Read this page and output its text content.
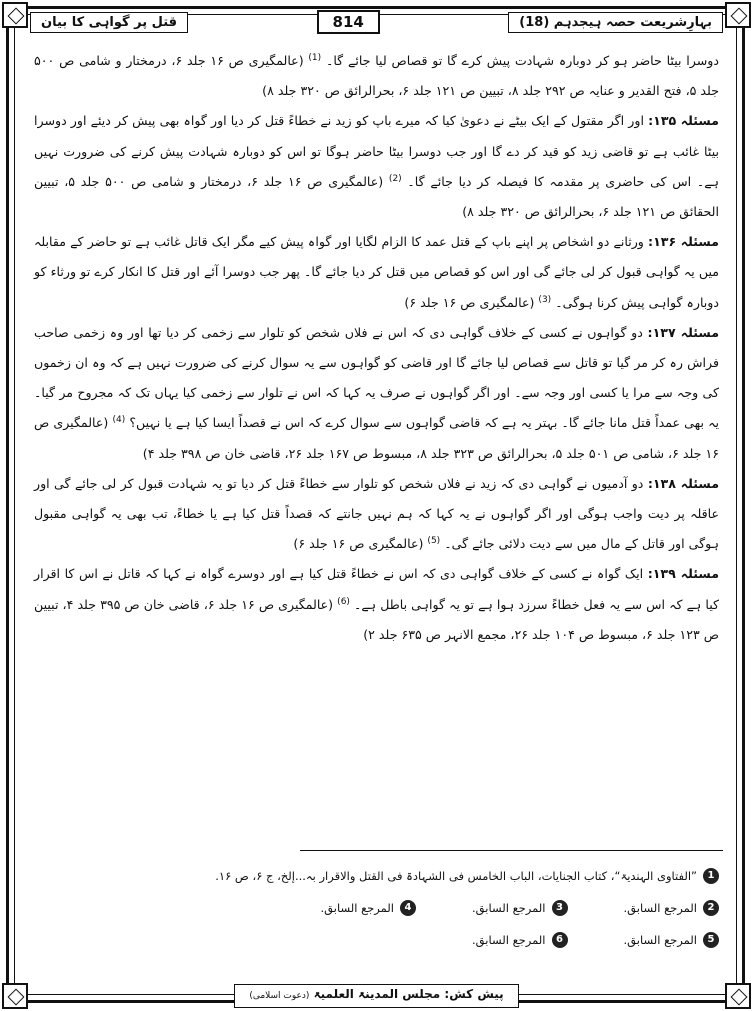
بہارِشریعت حصہ ہیجدہم (18)
814
قتل پر گواہی کا بیان

دوسرا بیٹا حاضر ہو کر دوبارہ شہادت پیش کرے گا تو قصاص لیا جائے گا۔ $^{(1)}$ (عالمگیری ص ۱۶ جلد ۶، درمختار و شامی ص ۵۰۰ جلد ۵، فتح القدیر و عنایہ ص ۲۹۲ جلد ۸، تبیین ص ۱۲۱ جلد ۶، بحرالرائق ص ۳۲۰ جلد ۸)

مسئلہ ۱۳۵: اور اگر مقتول کے ایک بیٹے نے دعویٰ کیا کہ میرے باپ کو زید نے خطاءً قتل کر دیا اور گواہ بھی پیش کر دیئے اور دوسرا بیٹا غائب ہے تو قاضی زید کو قید کر دے گا اور جب دوسرا بیٹا حاضر ہوگا تو اس کو دوبارہ شہادت پیش کرنے کی ضرورت نہیں ہے۔ اس کی حاضری پر مقدمہ کا فیصلہ کر دیا جائے گا۔ $^{(2)}$ (عالمگیری ص ۱۶ جلد ۶، درمختار و شامی ص ۵۰۰ جلد ۵، تبیین الحقائق ص ۱۲۱ جلد ۶، بحرالرائق ص ۳۲۰ جلد ۸)

مسئلہ ۱۳۶: ورثانے دو اشخاص پر اپنے باپ کے قتل عمد کا الزام لگایا اور گواہ پیش کیے مگر ایک قاتل غائب ہے تو حاضر کے مقابلہ میں یہ گواہی قبول کر لی جائے گی اور اس کو قصاص میں قتل کر دیا جائے گا۔ پھر جب دوسرا آئے اور قتل کا انکار کرے تو ورثاء کو دوبارہ گواہی پیش کرنا ہوگی۔ $^{(3)}$ (عالمگیری ص ۱۶ جلد ۶)

مسئلہ ۱۳۷: دو گواہوں نے کسی کے خلاف گواہی دی کہ اس نے فلاں شخص کو تلوار سے زخمی کر دیا تھا اور وہ زخمی صاحب فراش رہ کر مر گیا تو قاتل سے قصاص لیا جائے گا اور قاضی کو گواہوں سے یہ سوال کرنے کی ضرورت نہیں ہے کہ وہ ان زخموں کی وجہ سے مرا یا کسی اور وجہ سے۔ اور اگر گواہوں نے صرف یہ کہا کہ اس نے تلوار سے زخمی کیا یہاں تک کہ مجروح مر گیا۔ یہ بھی عمداً قتل مانا جائے گا۔ بہتر یہ ہے کہ قاضی گواہوں سے سوال کرے کہ اس نے قصداً ایسا کیا ہے یا نہیں؟ $^{(4)}$ (عالمگیری ص ۱۶ جلد ۶، شامی ص ۵۰۱ جلد ۵، بحرالرائق ص ۳۲۳ جلد ۸، مبسوط ص ۱۶۷ جلد ۲۶، قاضی خان ص ۳۹۸ جلد ۴)

مسئلہ ۱۳۸: دو آدمیوں نے گواہی دی کہ زید نے فلاں شخص کو تلوار سے خطاءً قتل کر دیا تو یہ شہادت قبول کر لی جائے گی اور عاقلہ پر دیت واجب ہوگی اور اگر گواہوں نے یہ کہا کہ ہم نہیں جانتے کہ قصداً قتل کیا ہے یا خطاءً، تب بھی یہ گواہی مقبول ہوگی اور قاتل کے مال میں سے دیت دلائی جائے گی۔ $^{(5)}$ (عالمگیری ص ۱۶ جلد ۶)

مسئلہ ۱۳۹: ایک گواہ نے کسی کے خلاف گواہی دی کہ اس نے خطاءً قتل کیا ہے اور دوسرے گواہ نے کہا کہ قاتل نے اس کا اقرار کیا ہے کہ اس سے یہ فعل خطاءً سرزد ہوا ہے تو یہ گواہی باطل ہے۔ $^{(6)}$ (عالمگیری ص ۱۶ جلد ۶، قاضی خان ص ۳۹۵ جلد ۴، تبیین ص ۱۲۳ جلد ۶، مبسوط ص ۱۰۴ جلد ۲۶، مجمع الانہر ص ۶۳۵ جلد ۲)

1
”الفتاوی الہندیۃ“، کتاب الجنایات، الباب الخامس فی الشہادۃ فی القتل والاقرار بہ...إلخ، ج ۶، ص ۱۶.
2
المرجع السابق.
3
المرجع السابق.
4
المرجع السابق.
5
المرجع السابق.
6
المرجع السابق.
پیش کش: مجلس المدینۃ العلمیۃ (دعوت اسلامی)
